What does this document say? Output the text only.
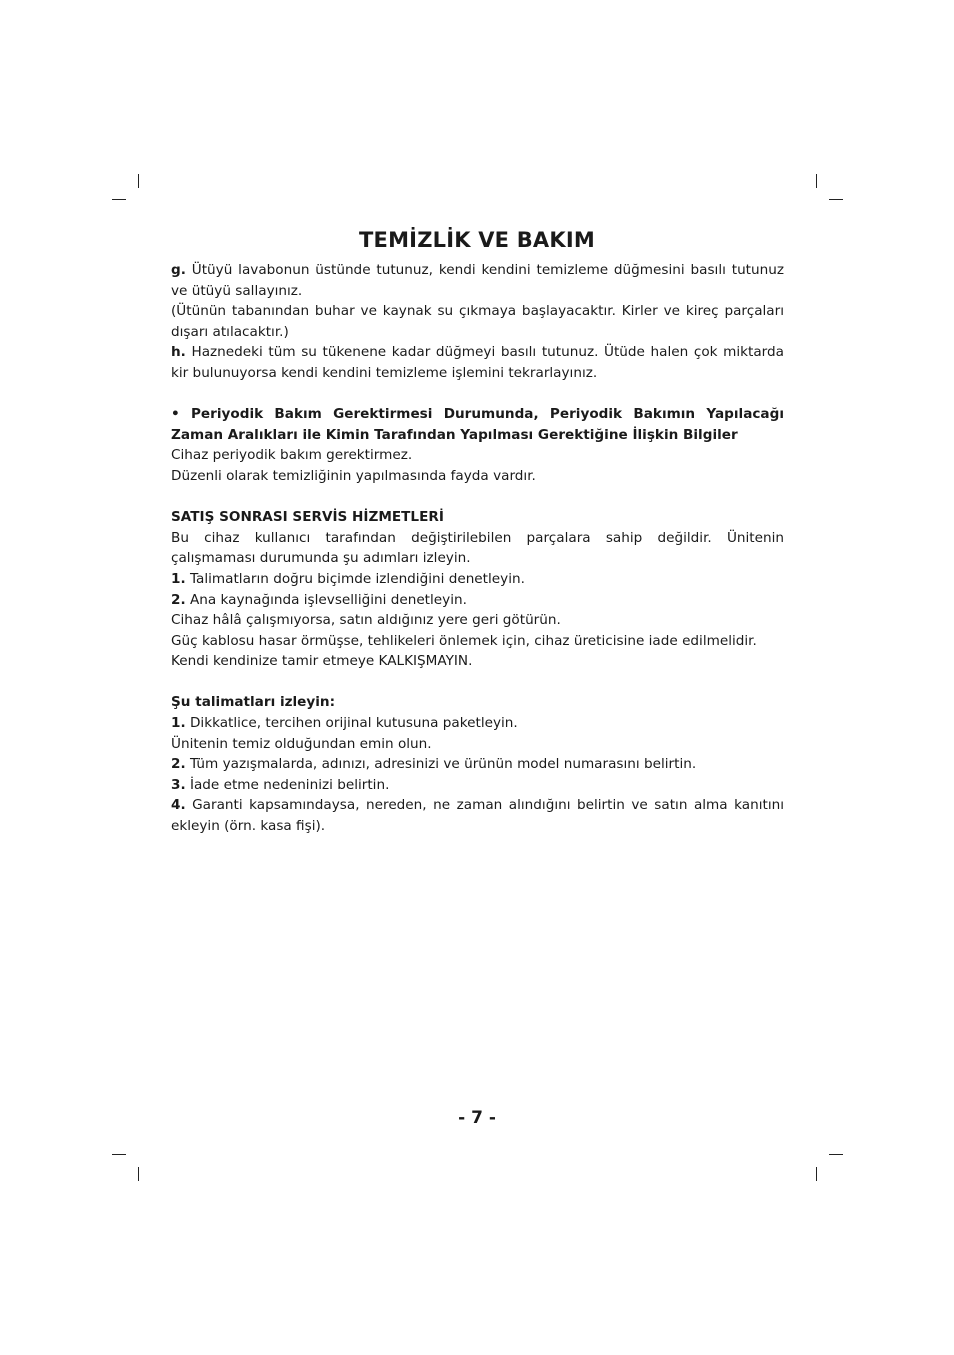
TEMİZLİK VE BAKIM

g. Ütüyü lavabonun üstünde tutunuz, kendi kendini temizleme düğmesini basılı tutunuz ve ütüyü sallayınız.

(Ütünün tabanından buhar ve kaynak su çıkmaya başlayacaktır. Kirler ve kireç parçaları dışarı atılacaktır.)

h. Haznedeki tüm su tükenene kadar düğmeyi basılı tutunuz. Ütüde halen çok miktarda kir bulunuyorsa kendi kendini temizleme işlemini tekrarlayınız.

• Periyodik Bakım Gerektirmesi Durumunda, Periyodik Bakımın Yapılacağı Zaman Aralıkları ile Kimin Tarafından Yapılması Gerektiğine İlişkin Bilgiler

Cihaz periyodik bakım gerektirmez.

Düzenli olarak temizliğinin yapılmasında fayda vardır.

SATIŞ SONRASI SERVİS HİZMETLERİ

Bu cihaz kullanıcı tarafından değiştirilebilen parçalara sahip değildir. Ünitenin çalışmaması durumunda şu adımları izleyin.

1. Talimatların doğru biçimde izlendiğini denetleyin.

2. Ana kaynağında işlevselliğini denetleyin.

Cihaz hâlâ çalışmıyorsa, satın aldığınız yere geri götürün.

Güç kablosu hasar örmüşse, tehlikeleri önlemek için, cihaz üreticisine iade edilmelidir.

Kendi kendinize tamir etmeye KALKIŞMAYIN.

Şu talimatları izleyin:

1. Dikkatlice, tercihen orijinal kutusuna paketleyin.

Ünitenin temiz olduğundan emin olun.

2. Tüm yazışmalarda, adınızı, adresinizi ve ürünün model numarasını belirtin.

3. İade etme nedeninizi belirtin.

4. Garanti kapsamındaysa, nereden, ne zaman alındığını belirtin ve satın alma kanıtını ekleyin (örn. kasa fişi).

- 7 -
